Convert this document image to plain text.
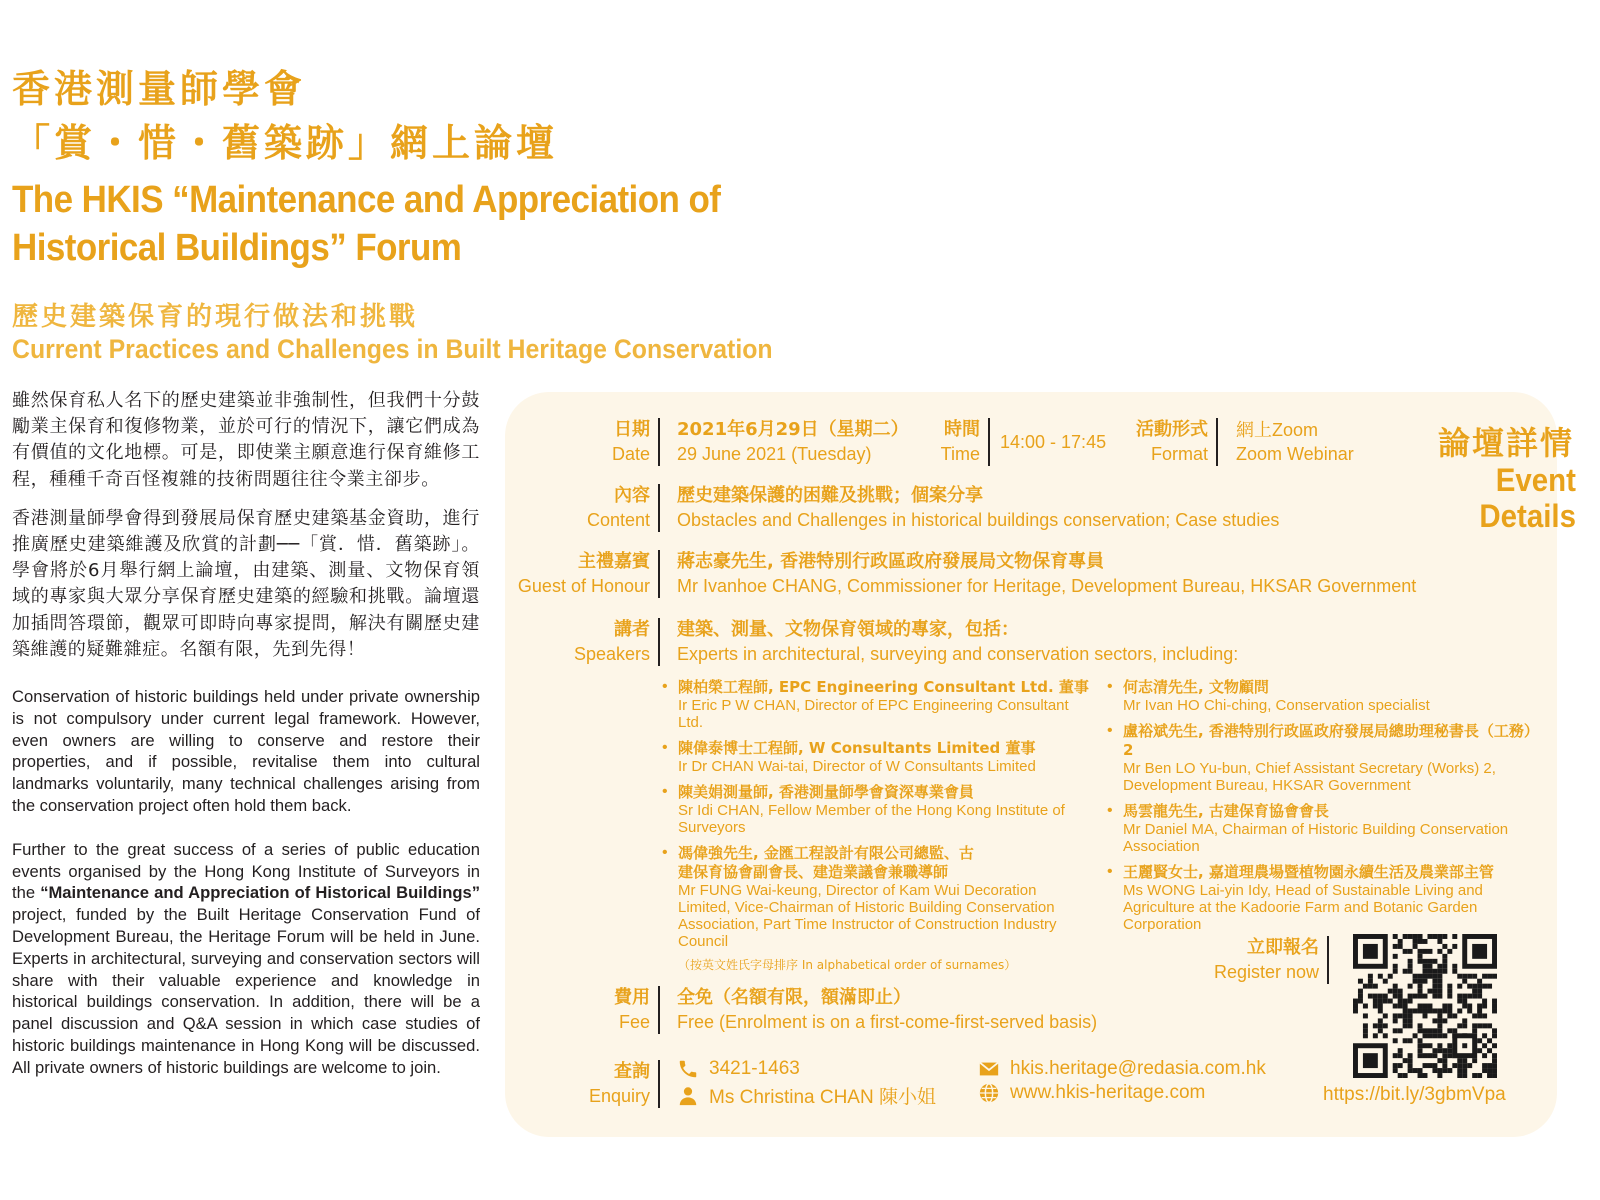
香港測量師學會
「賞・惜・舊築跡」網上論壇
The HKIS “Maintenance and Appreciation of
Historical Buildings” Forum
歷史建築保育的現行做法和挑戰
Current Practices and Challenges in Built Heritage Conservation

雖然保育私人名下的歷史建築並非強制性，但我們十分鼓勵業主保育和復修物業，並於可行的情況下，讓它們成為有價值的文化地標。可是，即使業主願意進行保育維修工程，種種千奇百怪複雜的技術問題往往令業主卻步。

香港測量師學會得到發展局保育歷史建築基金資助，進行推廣歷史建築維護及欣賞的計劃──「賞．惜．舊築跡」。學會將於6月舉行網上論壇，由建築、測量、文物保育領域的專家與大眾分享保育歷史建築的經驗和挑戰。論壇還加插問答環節，觀眾可即時向專家提問，解決有關歷史建築維護的疑難雜症。名額有限，先到先得！

Conservation of historic buildings held under private ownership is not compulsory under current legal framework. However, even owners are willing to conserve and restore their properties, and if possible, revitalise them into cultural landmarks voluntarily, many technical challenges arising from the conservation project often hold them back.

Further to the great success of a series of public education events organised by the Hong Kong Institute of Surveyors in the “Maintenance and Appreciation of Historical Buildings” project, funded by the Built Heritage Conservation Fund of Development Bureau, the Heritage Forum will be held in June. Experts in architectural, surveying and conservation sectors will share with their valuable experience and knowledge in historical buildings conservation. In addition, there will be a panel discussion and Q&A session in which case studies of historic buildings maintenance in Hong Kong will be discussed. All private owners of historic buildings are welcome to join.

論壇詳情
Event
Details
日期
Date
2021年6月29日（星期二）
29 June 2021 (Tuesday)
時間
Time
14:00 - 17:45
活動形式
Format
網上Zoom
Zoom Webinar
內容
Content
歷史建築保護的困難及挑戰；個案分享
Obstacles and Challenges in historical buildings conservation; Case studies
主禮嘉賓
Guest of Honour
蔣志豪先生, 香港特別行政區政府發展局文物保育專員
Mr Ivanhoe CHANG, Commissioner for Heritage, Development Bureau, HKSAR Government
講者
Speakers
建築、測量、文物保育領域的專家，包括：
Experts in architectural, surveying and conservation sectors, including:
• 陳柏榮工程師, EPC Engineering Consultant Ltd. 董事
Ir Eric P W CHAN, Director of EPC Engineering Consultant Ltd.
• 陳偉泰博士工程師, W Consultants Limited 董事
Ir Dr CHAN Wai-tai, Director of W Consultants Limited
• 陳美娟測量師, 香港測量師學會資深專業會員
Sr Idi CHAN, Fellow Member of the Hong Kong Institute of Surveyors
• 馮偉強先生, 金匯工程設計有限公司總監、古建保育協會副會長、建造業議會兼職導師
Mr FUNG Wai-keung, Director of Kam Wui Decoration Limited, Vice-Chairman of Historic Building Conservation Association, Part Time Instructor of Construction Industry Council
（按英文姓氏字母排序 In alphabetical order of surnames）
• 何志清先生, 文物顧問
Mr Ivan HO Chi-ching, Conservation specialist
• 盧裕斌先生, 香港特別行政區政府發展局總助理秘書長（工務）2
Mr Ben LO Yu-bun, Chief Assistant Secretary (Works) 2, Development Bureau, HKSAR Government
• 馬雲龍先生, 古建保育協會會長
Mr Daniel MA, Chairman of Historic Building Conservation Association
• 王麗賢女士, 嘉道理農場暨植物園永續生活及農業部主管
Ms WONG Lai-yin Idy, Head of Sustainable Living and Agriculture at the Kadoorie Farm and Botanic Garden Corporation
立即報名
Register now
https://bit.ly/3gbmVpa
費用
Fee
全免（名額有限，額滿即止）
Free (Enrolment is on a first-come-first-served basis)
查詢
Enquiry
3421-1463
Ms Christina CHAN 陳小姐
hkis.heritage@redasia.com.hk
www.hkis-heritage.com
